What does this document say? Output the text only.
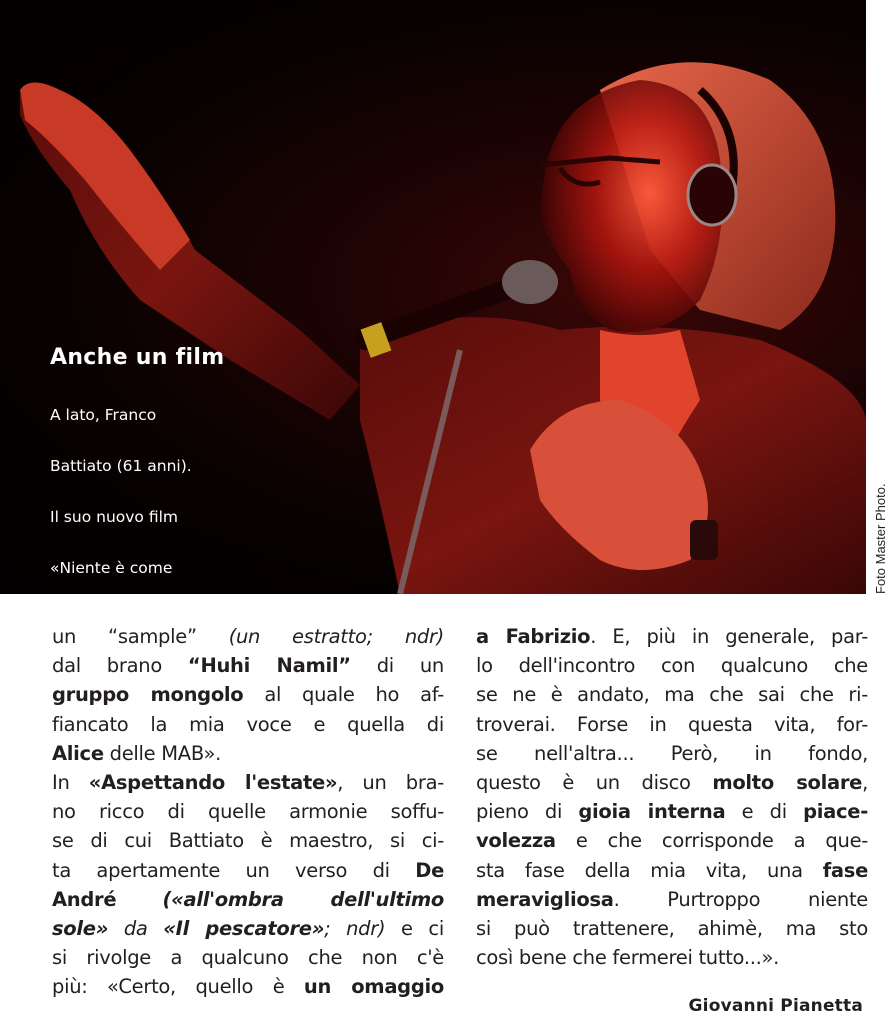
Anche un film

A lato, Franco

Battiato (61 anni).

Il suo nuovo film

«Niente è come	Foto Master Photo.
un “sample” (un estratto; ndr)
dal brano “Huhi Namil” di un
gruppo mongolo al quale ho af-
fiancato la mia voce e quella di
Alice delle MAB».
In «Aspettando l'estate», un bra-
no ricco di quelle armonie soffu-
se di cui Battiato è maestro, si ci-
ta apertamente un verso di De
André («all'ombra dell'ultimo
sole» da «Il pescatore»; ndr) e ci
si rivolge a qualcuno che non c'è
più: «Certo, quello è un omaggio
a Fabrizio. E, più in generale, par-
lo dell'incontro con qualcuno che
se ne è andato, ma che sai che ri-
troverai. Forse in questa vita, for-
se nell'altra... Però, in fondo,
questo è un disco molto solare,
pieno di gioia interna e di piace-
volezza e che corrisponde a que-
sta fase della mia vita, una fase
meravigliosa. Purtroppo niente
si può trattenere, ahimè, ma sto
così bene che fermerei tutto...».
Giovanni Pianetta
